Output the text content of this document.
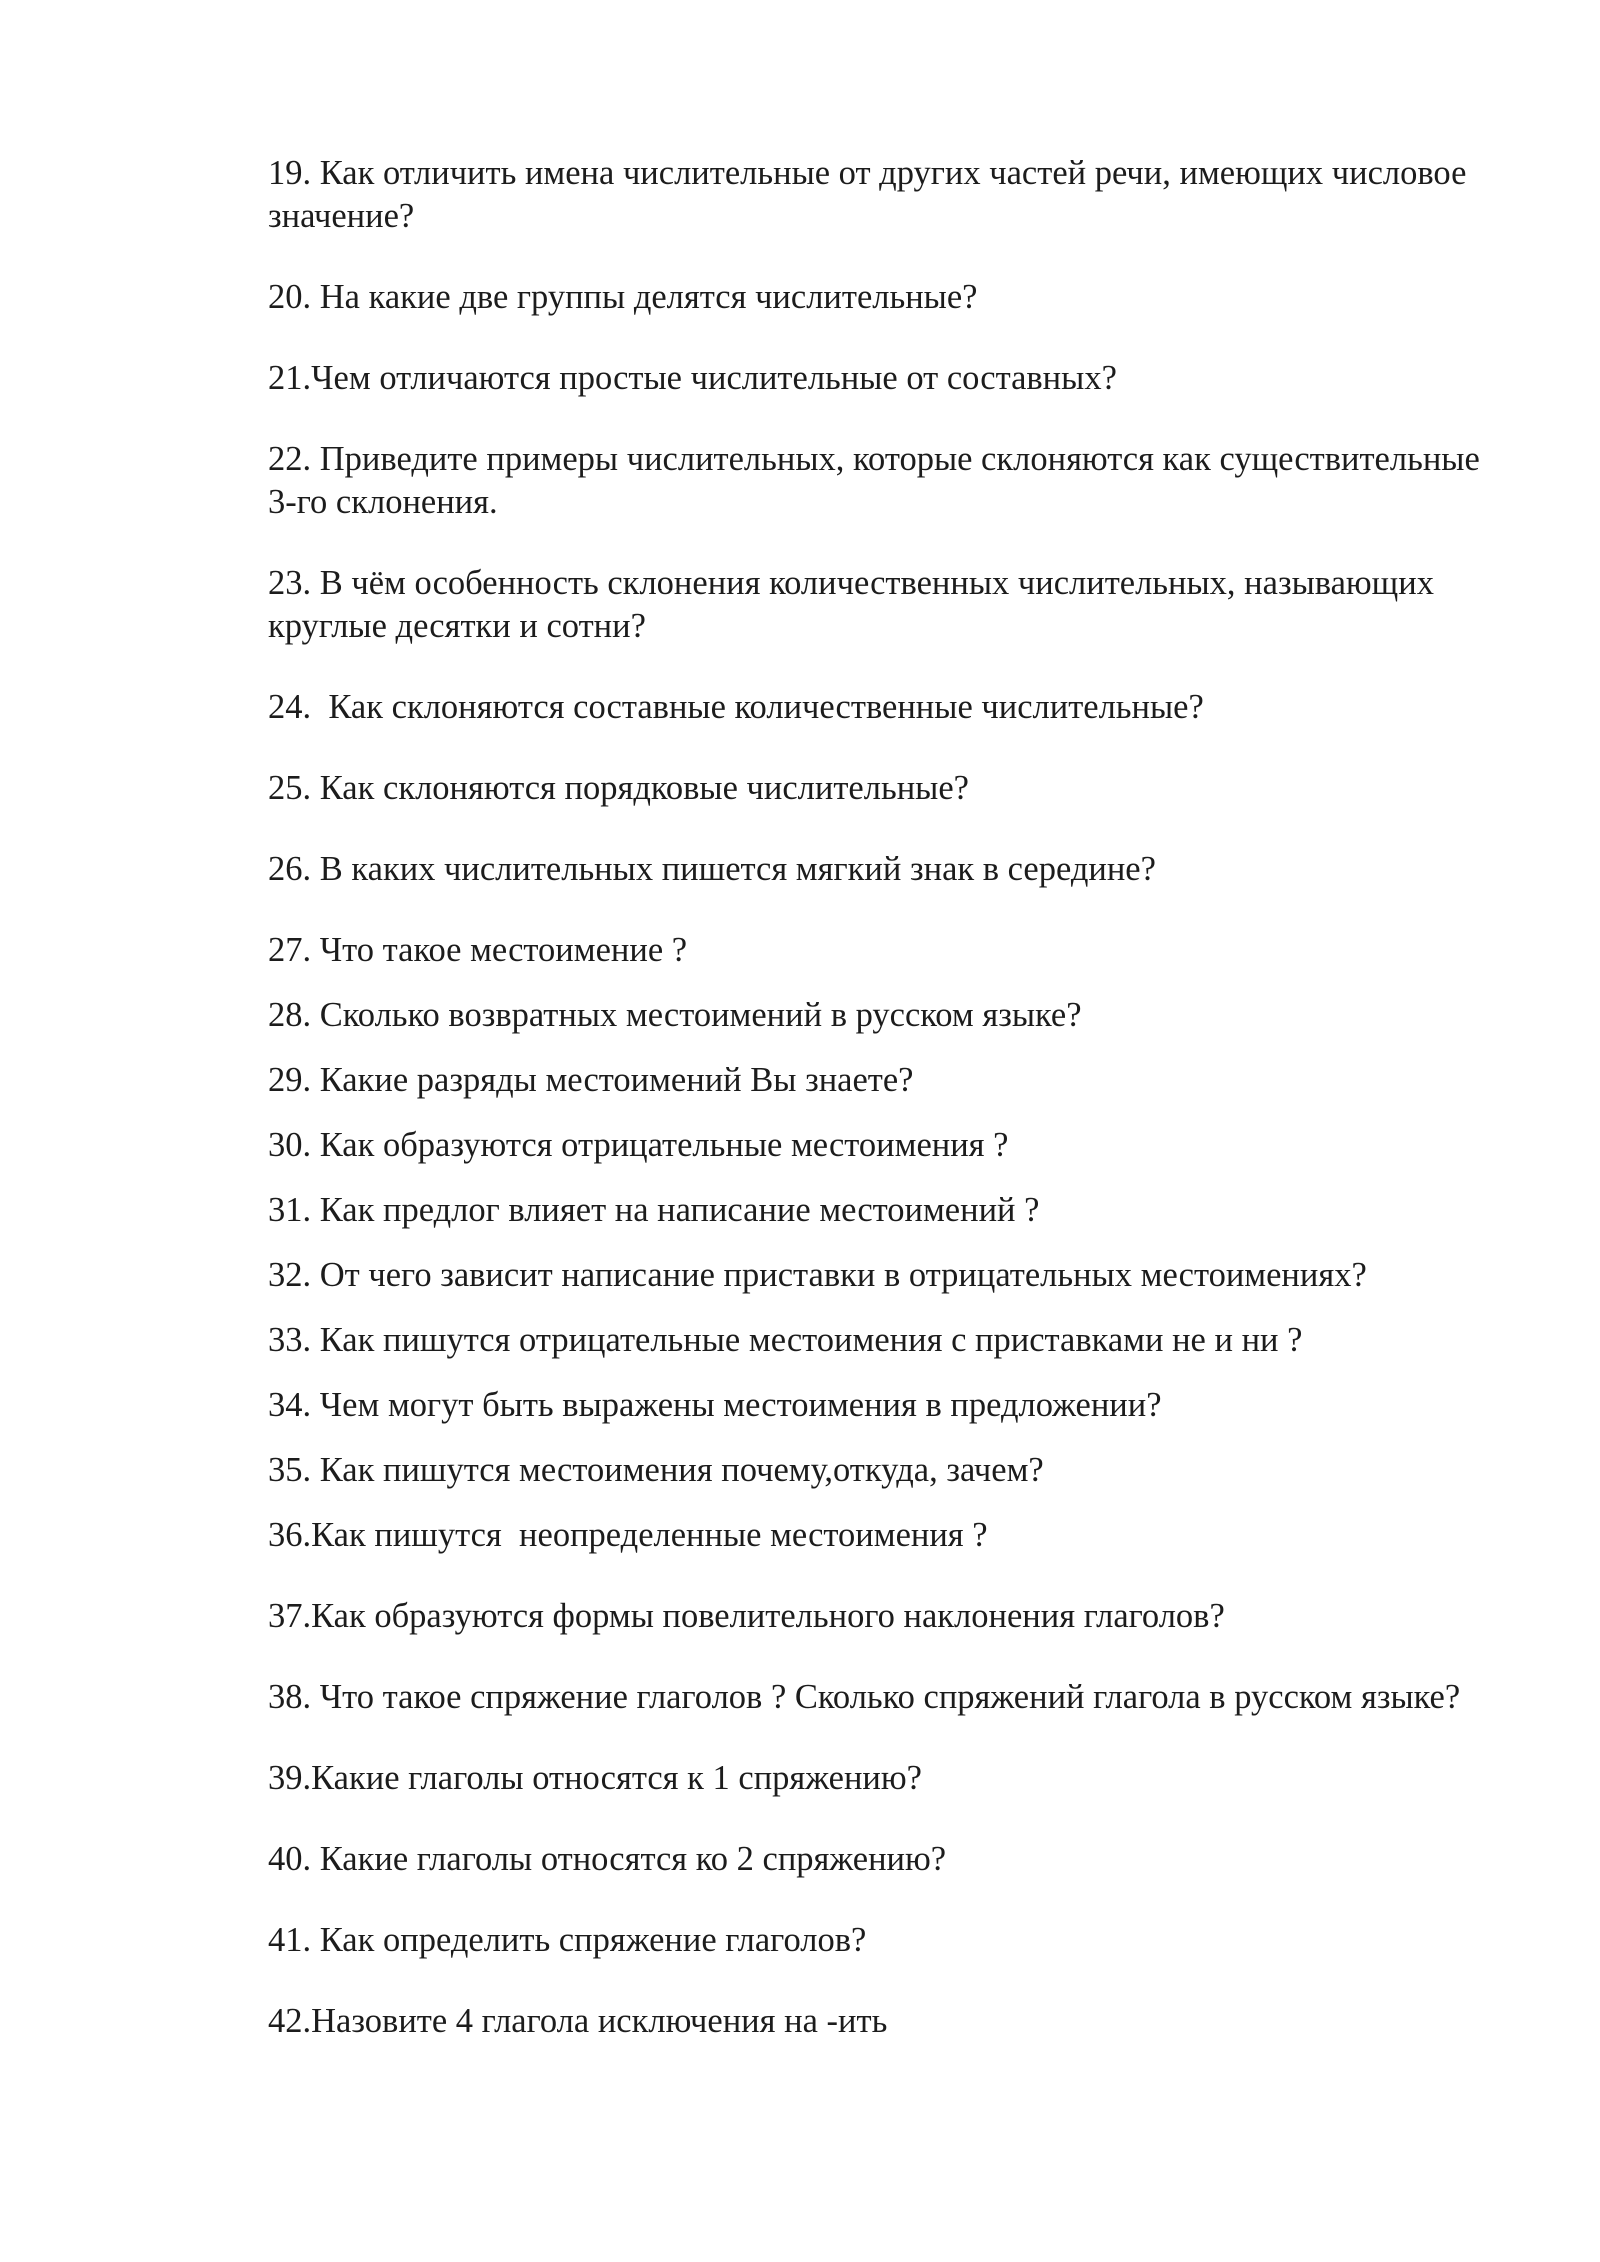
19. Как отличить имена числительные от других частей речи, имеющих числовое значение?
20. На какие две группы делятся числительные?
21.Чем отличаются простые числительные от составных?
22. Приведите примеры числительных, которые склоняются как существительные 3-го склонения.
23. В чём особенность склонения количественных числительных, называющих круглые десятки и сотни?
24.  Как склоняются составные количественные числительные?
25. Как склоняются порядковые числительные?
26. В каких числительных пишется мягкий знак в середине?
27. Что такое местоимение ?
28. Сколько возвратных местоимений в русском языке?
29. Какие разряды местоимений Вы знаете?
30. Как образуются отрицательные местоимения ?
31. Как предлог влияет на написание местоимений ?
32. От чего зависит написание приставки в отрицательных местоимениях?
33. Как пишутся отрицательные местоимения с приставками не и ни ?
34. Чем могут быть выражены местоимения в предложении?
35. Как пишутся местоимения почему,откуда, зачем?
36.Как пишутся  неопределенные местоимения ?
37.Как образуются формы повелительного наклонения глаголов?
38. Что такое спряжение глаголов ? Сколько спряжений глагола в русском языке?
39.Какие глаголы относятся к 1 спряжению?
40. Какие глаголы относятся ко 2 спряжению?
41. Как определить спряжение глаголов?
42.Назовите 4 глагола исключения на -ить
